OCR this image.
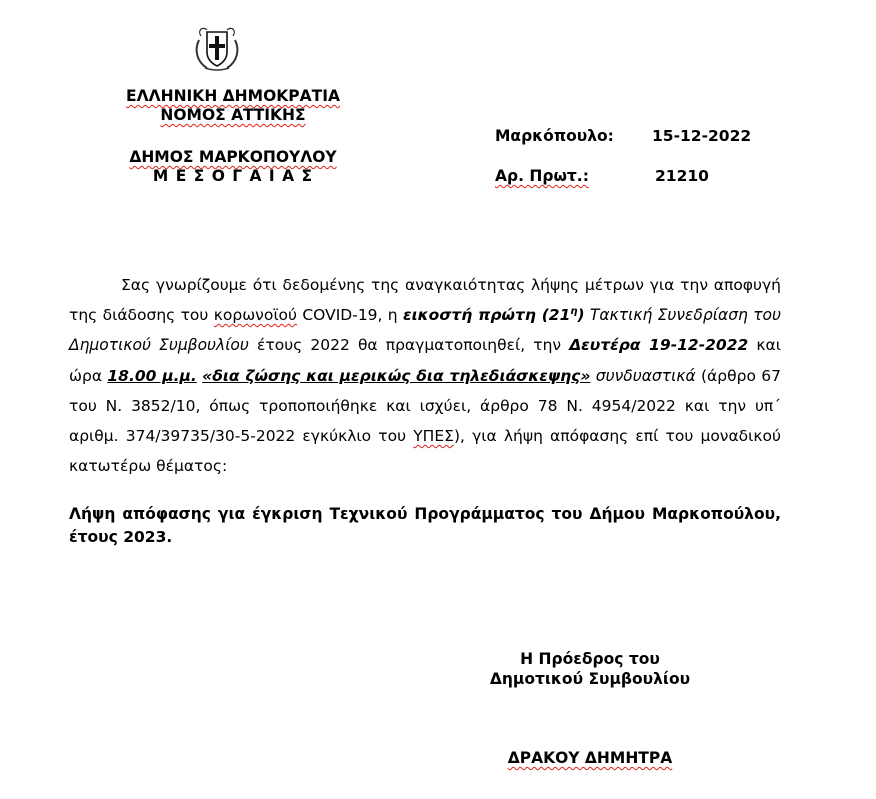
ΕΛΛΗΝΙΚΗ ΔΗΜΟΚΡΑΤΙΑ
ΝΟΜΟΣ ΑΤΤΙΚΗΣ
ΔΗΜΟΣ ΜΑΡΚΟΠΟΥΛΟΥ
Μ Ε Σ Ο Γ Α Ι Α Σ
Μαρκόπουλο: 15-12-2022
Αρ. Πρωτ.:	21210

Σας γνωρίζουμε ότι δεδομένης της αναγκαιότητας λήψης μέτρων για την αποφυγή της διάδοσης του κορωνοϊού COVID-19, η εικοστή πρώτη $(21^\eta)$ Τακτική Συνεδρίαση του Δημοτικού Συμβουλίου έτους 2022 θα πραγματοποιηθεί, την Δευτέρα 19-12-2022 και ώρα 18.00 μ.μ. «δια ζώσης και μερικώς δια τηλεδιάσκεψης» συνδυαστικά (άρθρο 67 του Ν. 3852/10, όπως τροποποιήθηκε και ισχύει, άρθρο 78 Ν. 4954/2022 και την υπ΄ αριθμ. 374/39735/30-5-2022 εγκύκλιο του ΥΠΕΣ), για λήψη απόφασης επί του μοναδικού κατωτέρω θέματος:

Λήψη απόφασης για έγκριση Τεχνικού Προγράμματος του Δήμου Μαρκοπούλου, έτους 2023.
Η Πρόεδρος του
Δημοτικού Συμβουλίου
ΔΡΑΚΟΥ ΔΗΜΗΤΡΑ
